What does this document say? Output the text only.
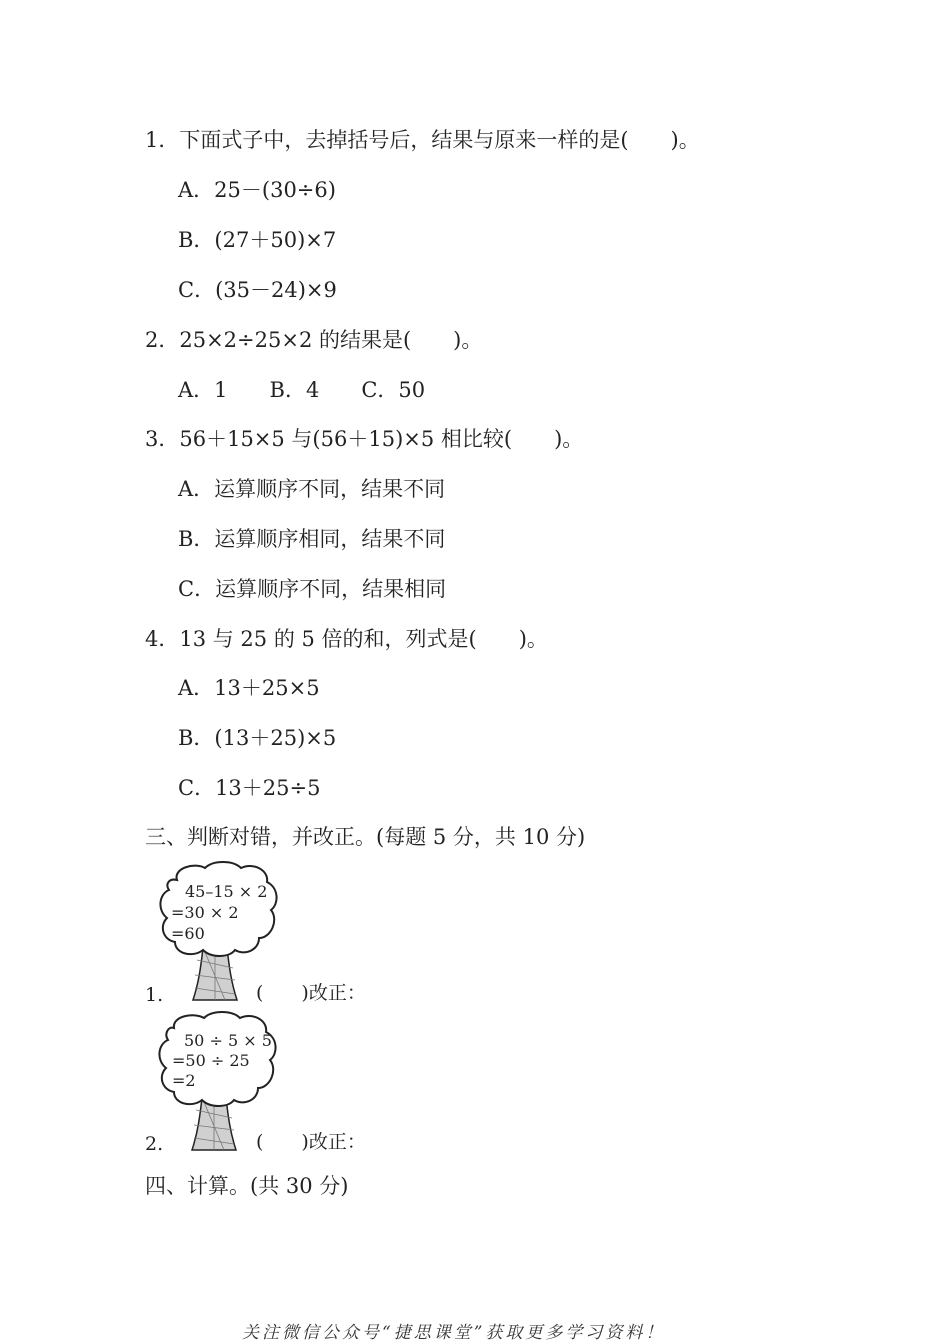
1．下面式子中，去掉括号后，结果与原来一样的是(　　)。
A．25－(30÷6)
B．(27＋50)×7
C．(35－24)×9
2．25×2÷25×2 的结果是(　　)。
A．1　　B．4　　C．50
3．56＋15×5 与(56＋15)×5 相比较(　　)。
A．运算顺序不同，结果不同
B．运算顺序相同，结果不同
C．运算顺序不同，结果相同
4．13 与 25 的 5 倍的和，列式是(　　)。
A．13＋25×5
B．(13＋25)×5
C．13＋25÷5
三、判断对错，并改正。(每题 5 分，共 10 分)
45–15 × 2
=30 × 2
=60
1.	(　　)改正：
50 ÷ 5 × 5
=50 ÷ 25
=2
2.	(　　)改正：
四、计算。(共 30 分)
关注微信公众号“捷思课堂”获取更多学习资料！
